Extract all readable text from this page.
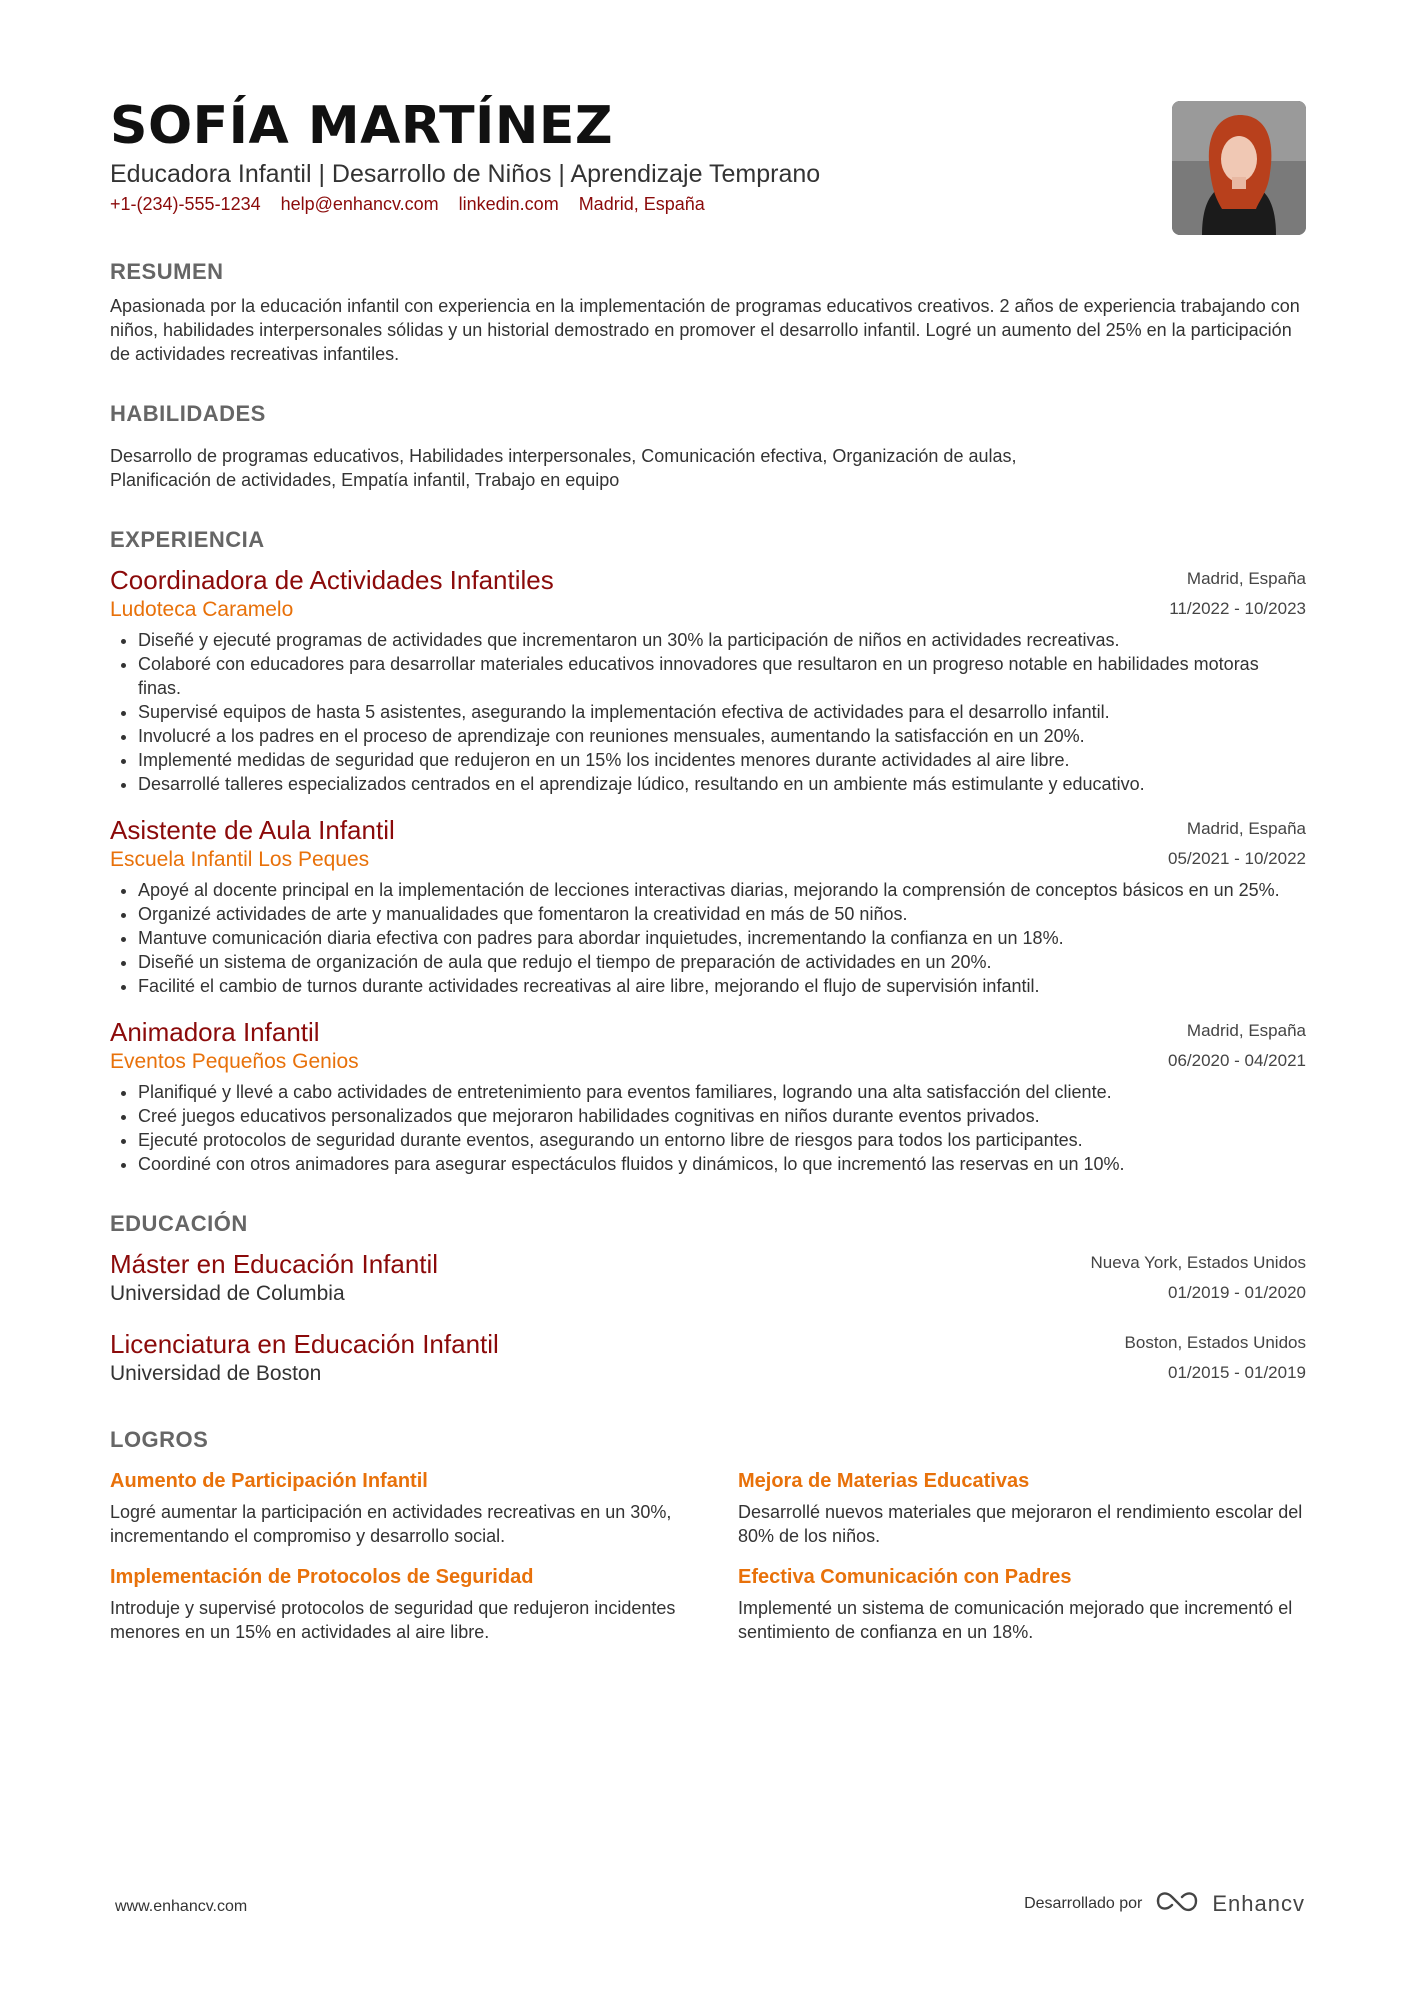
SOFÍA MARTÍNEZ
Educadora Infantil | Desarrollo de Niños | Aprendizaje Temprano
+1-(234)-555-1234 help@enhancv.com linkedin.com Madrid, España
RESUMEN
Apasionada por la educación infantil con experiencia en la implementación de programas educativos creativos. 2 años de experiencia trabajando con niños, habilidades interpersonales sólidas y un historial demostrado en promover el desarrollo infantil. Logré un aumento del 25% en la participación de actividades recreativas infantiles.
HABILIDADES
Desarrollo de programas educativos, Habilidades interpersonales, Comunicación efectiva, Organización de aulas,
Planificación de actividades, Empatía infantil, Trabajo en equipo
EXPERIENCIA
Coordinadora de Actividades Infantiles
Ludoteca Caramelo
Madrid, España
11/2022 - 10/2023
• Diseñé y ejecuté programas de actividades que incrementaron un 30% la participación de niños en actividades recreativas.
• Colaboré con educadores para desarrollar materiales educativos innovadores que resultaron en un progreso notable en habilidades motoras finas.
• Supervisé equipos de hasta 5 asistentes, asegurando la implementación efectiva de actividades para el desarrollo infantil.
• Involucré a los padres en el proceso de aprendizaje con reuniones mensuales, aumentando la satisfacción en un 20%.
• Implementé medidas de seguridad que redujeron en un 15% los incidentes menores durante actividades al aire libre.
• Desarrollé talleres especializados centrados en el aprendizaje lúdico, resultando en un ambiente más estimulante y educativo.
Asistente de Aula Infantil
Escuela Infantil Los Peques
Madrid, España
05/2021 - 10/2022
• Apoyé al docente principal en la implementación de lecciones interactivas diarias, mejorando la comprensión de conceptos básicos en un 25%.
• Organizé actividades de arte y manualidades que fomentaron la creatividad en más de 50 niños.
• Mantuve comunicación diaria efectiva con padres para abordar inquietudes, incrementando la confianza en un 18%.
• Diseñé un sistema de organización de aula que redujo el tiempo de preparación de actividades en un 20%.
• Facilité el cambio de turnos durante actividades recreativas al aire libre, mejorando el flujo de supervisión infantil.
Animadora Infantil
Eventos Pequeños Genios
Madrid, España
06/2020 - 04/2021
• Planifiqué y llevé a cabo actividades de entretenimiento para eventos familiares, logrando una alta satisfacción del cliente.
• Creé juegos educativos personalizados que mejoraron habilidades cognitivas en niños durante eventos privados.
• Ejecuté protocolos de seguridad durante eventos, asegurando un entorno libre de riesgos para todos los participantes.
• Coordiné con otros animadores para asegurar espectáculos fluidos y dinámicos, lo que incrementó las reservas en un 10%.
EDUCACIÓN
Máster en Educación Infantil
Universidad de Columbia
Nueva York, Estados Unidos
01/2019 - 01/2020
Licenciatura en Educación Infantil
Universidad de Boston
Boston, Estados Unidos
01/2015 - 01/2019
LOGROS
Aumento de Participación Infantil
Logré aumentar la participación en actividades recreativas en un 30%, incrementando el compromiso y desarrollo social.
Mejora de Materias Educativas
Desarrollé nuevos materiales que mejoraron el rendimiento escolar del 80% de los niños.
Implementación de Protocolos de Seguridad
Introduje y supervisé protocolos de seguridad que redujeron incidentes menores en un 15% en actividades al aire libre.
Efectiva Comunicación con Padres
Implementé un sistema de comunicación mejorado que incrementó el sentimiento de confianza en un 18%.
www.enhancv.com	Desarrollado por	Enhancv
